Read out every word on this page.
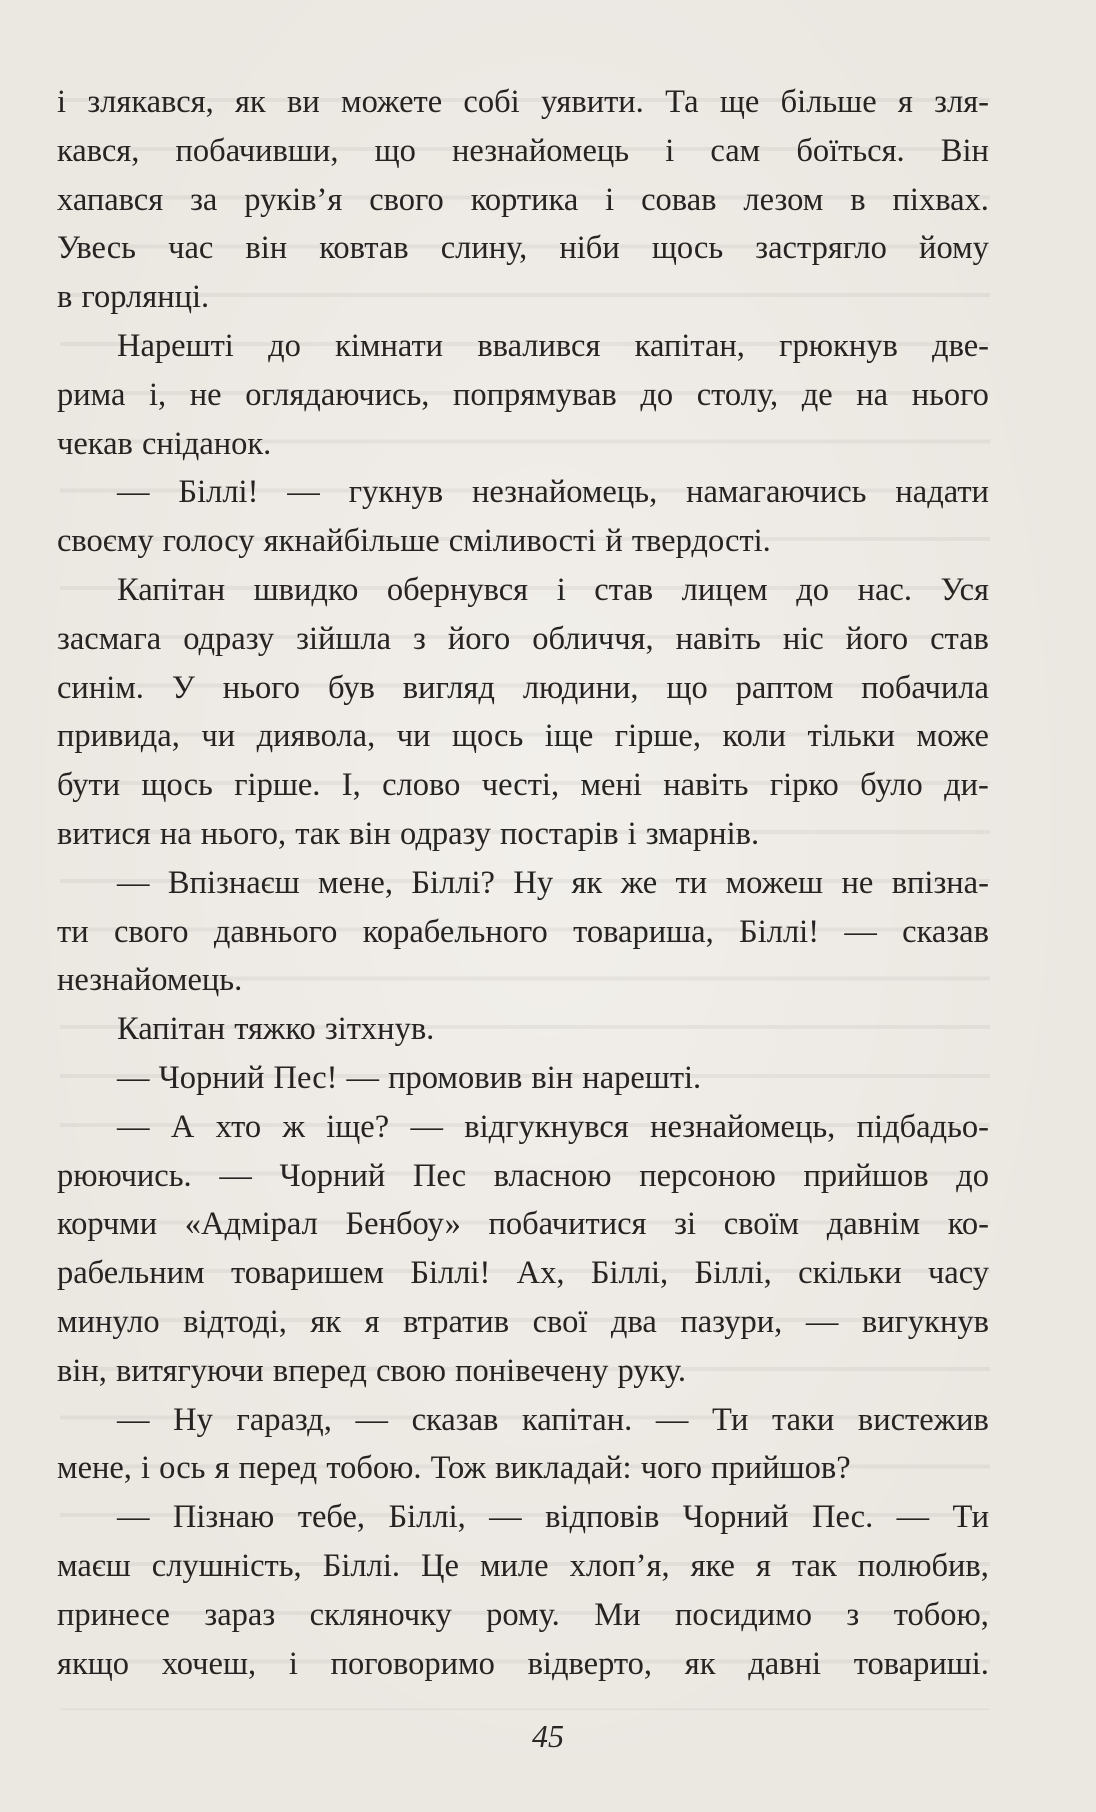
і злякався, як ви можете собі уявити. Та ще більше я зля-
кався, побачивши, що незнайомець і сам боїться. Він
хапався за руків’я свого кортика і совав лезом в піхвах.
Увесь час він ковтав слину, ніби щось застрягло йому
в
горлянці.
Нарешті до кімнати ввалився капітан, грюкнув две-
рима і, не оглядаючись, попрямував до столу, де на нього
чекав
сніданок.
— Біллі! — гукнув незнайомець, намагаючись надати
своєму
голосу
якнайбільше
сміливості
й
твердості.
Капітан швидко обернувся і став лицем до нас. Уся
засмага одразу зійшла з його обличчя, навіть ніс його став
синім. У нього був вигляд людини, що раптом побачила
привида, чи диявола, чи щось іще гірше, коли тільки може
бути щось гірше. І, слово честі, мені навіть гірко було ди-
витися
на
нього,
так
він
одразу
постарів
і
змарнів.
— Впізнаєш мене, Біллі? Ну як же ти можеш не впізна-
ти свого давнього корабельного товариша, Біллі! — сказав
незнайомець.
Капітан
тяжко
зітхнув.
—
Чорний
Пес!
—
промовив
він
нарешті.
— А хто ж іще? — відгукнувся незнайомець, підбадьо-
рюючись. — Чорний Пес власною персоною прийшов до
корчми «Адмірал Бенбоу» побачитися зі своїм давнім ко-
рабельним товаришем Біллі! Ах, Біллі, Біллі, скільки часу
минуло відтоді, як я втратив свої два пазури, — вигукнув
він,
витягуючи
вперед
свою
понівечену
руку.
— Ну гаразд, — сказав капітан. — Ти таки вистежив
мене,
і
ось
я
перед
тобою.
Тож
викладай:
чого
прийшов?
— Пізнаю тебе, Біллі, — відповів Чорний Пес. — Ти
маєш слушність, Біллі. Це миле хлоп’я, яке я так полюбив,
принесе зараз скляночку рому. Ми посидимо з тобою,
якщо хочеш, і поговоримо відверто, як давні товариші.
45
